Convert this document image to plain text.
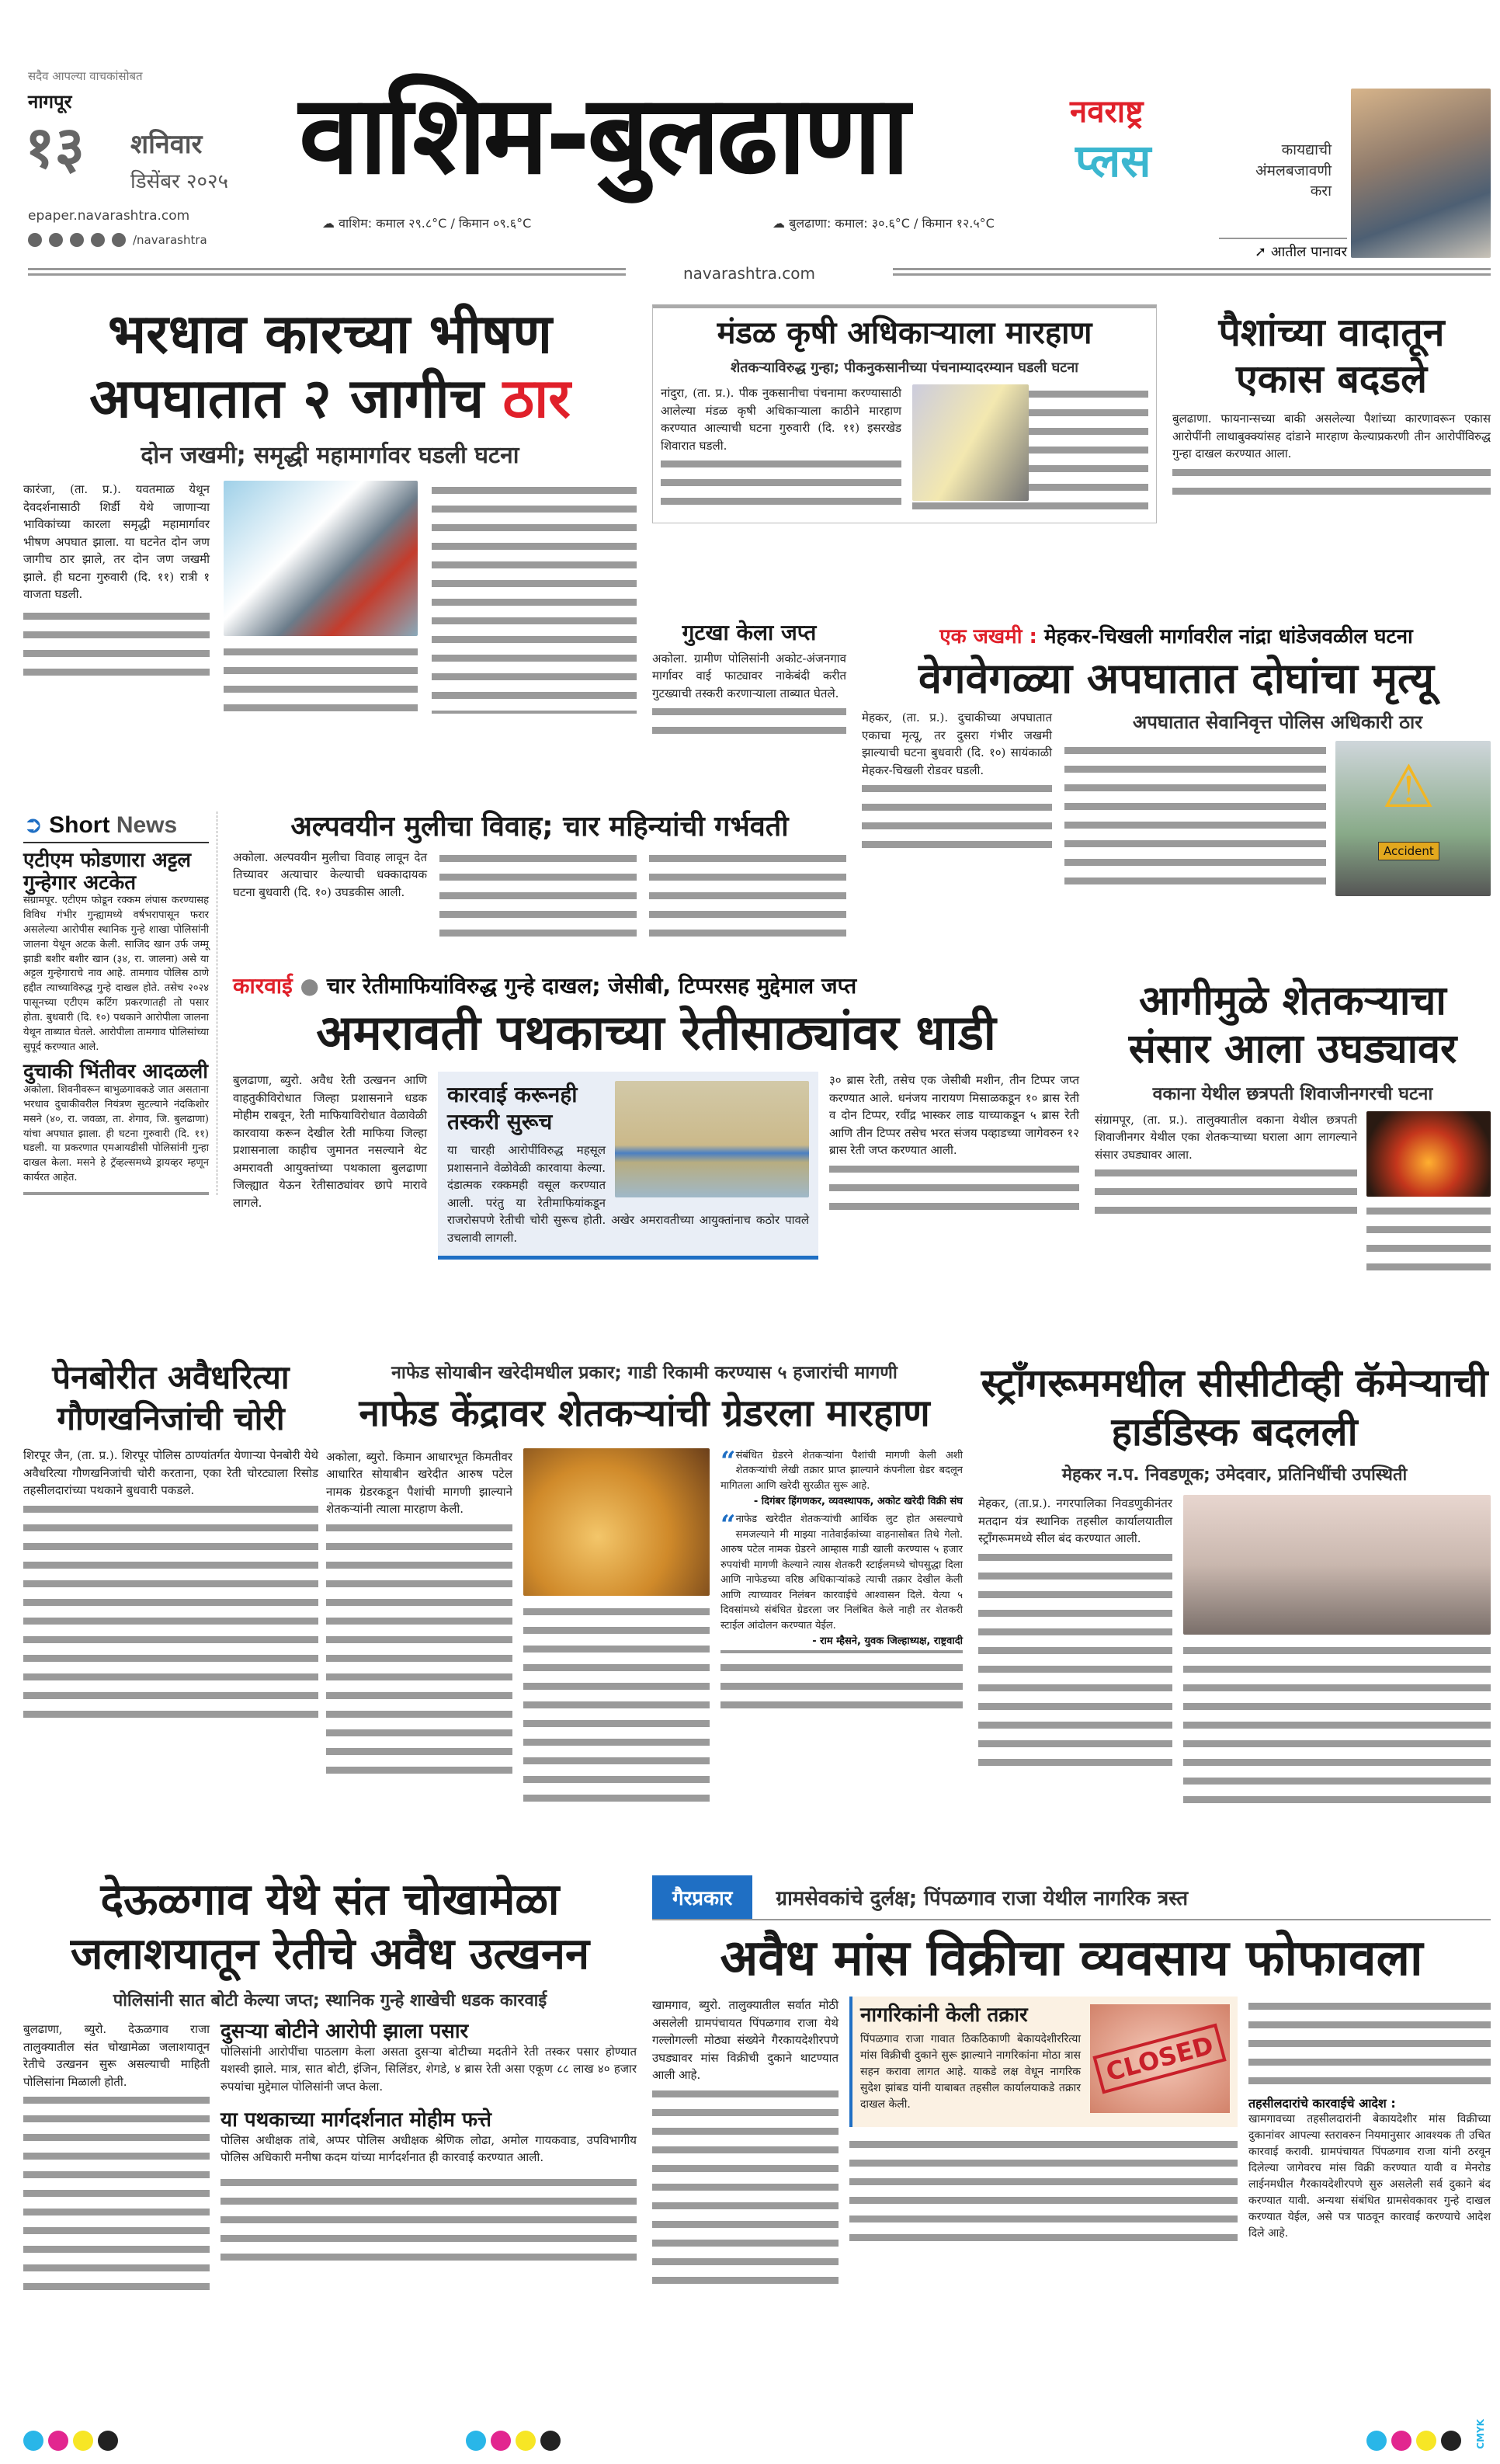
सदैव आपल्या वाचकांसोबत
नागपूर
१३ शनिवार
डिसेंबर २०२५
epaper.navarashtra.com
/navarashtra
वाशिम-बुलढाणा
☁ वाशिम: कमाल २९.८°C / किमान ०९.६°C	☁ बुलढाणा: कमाल: ३०.६°C / किमान १२.५°C
नवराष्ट्र
प्लस	कायद्याची अंमलबजावणी करा
➚ आतील पानावर
navarashtra.com
भरधाव कारच्या भीषण
अपघातात २ जागीच ठार
दोन जखमी; समृद्धी महामार्गावर घडली घटना
कारंजा, (ता. प्र.). यवतमाळ येथून देवदर्शनासाठी शिर्डी येथे जाणाऱ्या भाविकांच्या कारला समृद्धी महामार्गावर भीषण अपघात झाला. या घटनेत दोन जण जागीच ठार झाले, तर दोन जण जखमी झाले. ही घटना गुरुवारी (दि. ११) रात्री १ वाजता घडली.
मंडळ कृषी अधिकाऱ्याला मारहाण
शेतकऱ्याविरुद्ध गुन्हा; पीकनुकसानीच्या पंचनाम्यादरम्यान घडली घटना
नांदुरा, (ता. प्र.). पीक नुकसानीचा पंचनामा करण्यासाठी आलेल्या मंडळ कृषी अधिकाऱ्याला काठीने मारहाण करण्यात आल्याची घटना गुरुवारी (दि. ११) इसरखेड शिवारात घडली.
पैशांच्या वादातून एकास बदडले
बुलढाणा. फायनान्सच्या बाकी असलेल्या पैशांच्या कारणावरून एकास आरोपींनी लाथाबुक्क्यांसह दांडाने मारहाण केल्याप्रकरणी तीन आरोपींविरुद्ध गुन्हा दाखल करण्यात आला.
गुटखा केला जप्त
अकोला. ग्रामीण पोलिसांनी अकोट-अंजनगाव मार्गावर वाई फाट्यावर नाकेबंदी करीत गुटख्याची तस्करी करणाऱ्याला ताब्यात घेतले.
एक जखमी : मेहकर-चिखली मार्गावरील नांद्रा धांडेजवळील घटना
वेगवेगळ्या अपघातात दोघांचा मृत्यू
मेहकर, (ता. प्र.). दुचाकीच्या अपघातात एकाचा मृत्यू, तर दुसरा गंभीर जखमी झाल्याची घटना बुधवारी (दि. १०) सायंकाळी मेहकर-चिखली रोडवर घडली.
अपघातात सेवानिवृत्त पोलिस अधिकारी ठार
⚠
Accident
➲ Short News
एटीएम फोडणारा अट्टल गुन्हेगार अटकेत
संग्रामपूर. एटीएम फोडून रक्कम लंपास करण्यासह विविध गंभीर गुन्ह्यामध्ये वर्षभरापासून फरार असलेल्या आरोपीस स्थानिक गुन्हे शाखा पोलिसांनी जालना येथून अटक केली. साजिद खान उर्फ जम्मू झाडी बशीर बशीर खान (३४, रा. जालना) असे या अट्टल गुन्हेगाराचे नाव आहे. तामगाव पोलिस ठाणे हद्दीत त्याच्याविरुद्ध गुन्हे दाखल होते. तसेच २०२४ पासूनच्या एटीएम कटिंग प्रकरणातही तो पसार होता. बुधवारी (दि. १०) पथकाने आरोपीला जालना येथून ताब्यात घेतले. आरोपीला तामगाव पोलिसांच्या सुपूर्द करण्यात आले.
दुचाकी भिंतीवर आदळली
अकोला. शिवनीवरून बाभुळगावकडे जात असताना भरधाव दुचाकीवरील नियंत्रण सुटल्याने नंदकिशोर मसने (४०, रा. जवळा, ता. शेगाव, जि. बुलढाणा) यांचा अपघात झाला. ही घटना गुरुवारी (दि. ११) घडली. या प्रकरणात एमआयडीसी पोलिसांनी गुन्हा दाखल केला. मसने हे ट्रॅव्हल्समध्ये ड्रायव्हर म्हणून कार्यरत आहेत.
अल्पवयीन मुलीचा विवाह; चार महिन्यांची गर्भवती
अकोला. अल्पवयीन मुलीचा विवाह लावून देत तिच्यावर अत्याचार केल्याची धक्कादायक घटना बुधवारी (दि. १०) उघडकीस आली.
कारवाई ● चार रेतीमाफियांविरुद्ध गुन्हे दाखल; जेसीबी, टिप्परसह मुद्देमाल जप्त
अमरावती पथकाच्या रेतीसाठ्यांवर धाडी
बुलढाणा, ब्युरो. अवैध रेती उत्खनन आणि वाहतुकीविरोधात जिल्हा प्रशासनाने धडक मोहीम राबवून, रेती माफियाविरोधात वेळावेळी कारवाया करून देखील रेती माफिया जिल्हा प्रशासनाला काहीच जुमानत नसल्याने थेट अमरावती आयुक्तांच्या पथकाला बुलढाणा जिल्ह्यात येऊन रेतीसाठ्यांवर छापे मारावे लागले.
कारवाई करूनही तस्करी सुरूच
या चारही आरोपींविरुद्ध महसूल प्रशासनाने वेळोवेळी कारवाया केल्या. दंडात्मक रक्कमही वसूल करण्यात आली. परंतु या रेतीमाफियांकडून राजरोसपणे रेतीची चोरी सुरूच होती. अखेर अमरावतीच्या आयुक्तांनाच कठोर पावले उचलावी लागली.
३० ब्रास रेती, तसेच एक जेसीबी मशीन, तीन टिप्पर जप्त करण्यात आले. धनंजय नारायण मिसाळकडून १० ब्रास रेती व दोन टिप्पर, रवींद्र भास्कर लाड याच्याकडून ५ ब्रास रेती आणि तीन टिप्पर तसेच भरत संजय पव्हाडच्या जागेवरुन १२ ब्रास रेती जप्त करण्यात आली.
आगीमुळे शेतकऱ्याचा संसार आला उघड्यावर
वकाना येथील छत्रपती शिवाजीनगरची घटना
संग्रामपूर, (ता. प्र.). तालुक्यातील वकाना येथील छत्रपती शिवाजीनगर येथील एका शेतकऱ्याच्या घराला आग लागल्याने संसार उघड्यावर आला.
पेनबोरीत अवैधरित्या गौणखनिजांची चोरी
शिरपूर जैन, (ता. प्र.). शिरपूर पोलिस ठाण्यांतर्गत येणाऱ्या पेनबोरी येथे अवैधरित्या गौणखनिजांची चोरी करताना, एका रेती चोरट्याला रिसोड तहसीलदारांच्या पथकाने बुधवारी पकडले.
नाफेड सोयाबीन खरेदीमधील प्रकार; गाडी रिकामी करण्यास ५ हजारांची मागणी
नाफेड केंद्रावर शेतकऱ्यांची ग्रेडरला मारहाण
अकोला, ब्युरो. किमान आधारभूत किमतीवर आधारित सोयाबीन खरेदीत आरुष पटेल नामक ग्रेडरकडून पैशांची मागणी झाल्याने शेतकऱ्यांनी त्याला मारहाण केली.
“ संबंधित ग्रेडरने शेतकऱ्यांना पैशांची मागणी केली अशी शेतकऱ्यांची लेखी तक्रार प्राप्त झाल्याने कंपनीला ग्रेडर बदलून मागितला आणि खरेदी सुरळीत सुरू आहे.
- दिगंबर हिंगणकर, व्यवस्थापक, अकोट खरेदी विक्री संघ
“ नाफेड खरेदीत शेतकऱ्यांची आर्थिक लुट होत असल्याचे समजल्याने मी माझ्या नातेवाईकांच्या वाहनासोबत तिथे गेलो. आरुष पटेल नामक ग्रेडरने आम्हास गाडी खाली करण्यास ५ हजार रुपयांची मागणी केल्याने त्यास शेतकरी स्टाईलमध्ये चोपसुद्धा दिला आणि नाफेडच्या वरिष्ठ अधिकाऱ्यांकडे त्याची तक्रार देखील केली आणि त्याच्यावर निलंबन कारवाईचे आश्वासन दिले. येत्या ५ दिवसांमध्ये संबंधित ग्रेडरला जर निलंबित केले नाही तर शेतकरी स्टाईल आंदोलन करण्यात येईल.
- राम म्हैसने, युवक जिल्हाध्यक्ष, राष्ट्रवादी
स्ट्राँगरूममधील सीसीटीव्ही कॅमेऱ्याची हार्डडिस्क बदलली
मेहकर न.प. निवडणूक; उमेदवार, प्रतिनिधींची उपस्थिती
मेहकर, (ता.प्र.). नगरपालिका निवडणुकीनंतर मतदान यंत्र स्थानिक तहसील कार्यालयातील स्ट्राँगरूममध्ये सील बंद करण्यात आली.
देऊळगाव येथे संत चोखामेळा जलाशयातून रेतीचे अवैध उत्खनन
पोलिसांनी सात बोटी केल्या जप्त; स्थानिक गुन्हे शाखेची धडक कारवाई
बुलढाणा, ब्युरो. देऊळगाव राजा तालुक्यातील संत चोखामेळा जलाशयातून रेतीचे उत्खनन सुरू असल्याची माहिती पोलिसांना मिळाली होती.
दुसऱ्या बोटीने आरोपी झाला पसार
पोलिसांनी आरोपींचा पाठलाग केला असता दुसऱ्या बोटीच्या मदतीने रेती तस्कर पसार होण्यात यशस्वी झाले. मात्र, सात बोटी, इंजिन, सिलिंडर, शेगडे, ४ ब्रास रेती असा एकूण ८८ लाख ४० हजार रुपयांचा मुद्देमाल पोलिसांनी जप्त केला.
या पथकाच्या मार्गदर्शनात मोहीम फत्ते
पोलिस अधीक्षक तांबे, अप्पर पोलिस अधीक्षक श्रेणिक लोढा, अमोल गायकवाड, उपविभागीय पोलिस अधिकारी मनीषा कदम यांच्या मार्गदर्शनात ही कारवाई करण्यात आली.
गैरप्रकार	ग्रामसेवकांचे दुर्लक्ष; पिंपळगाव राजा येथील नागरिक त्रस्त
अवैध मांस विक्रीचा व्यवसाय फोफावला
खामगाव, ब्युरो. तालुक्यातील सर्वात मोठी असलेली ग्रामपंचायत पिंपळगाव राजा येथे गल्लोगल्ली मोठ्या संख्येने गैरकायदेशीरपणे उघड्यावर मांस विक्रीची दुकाने थाटण्यात आली आहे.	CLOSED
नागरिकांनी केली तक्रार
पिंपळगाव राजा गावात ठिकठिकाणी बेकायदेशीररित्या मांस विक्रीची दुकाने सुरू झाल्याने नागरिकांना मोठा त्रास सहन करावा लागत आहे. याकडे लक्ष वेधून नागरिक सुदेश झांबड यांनी याबाबत तहसील कार्यालयाकडे तक्रार दाखल केली.	तहसीलदारांचे कारवाईचे आदेश :
खामगावच्या तहसीलदारांनी बेकायदेशीर मांस विक्रीच्या दुकानांवर आपल्या स्तरावरुन नियमानुसार आवश्यक ती उचित कारवाई करावी. ग्रामपंचायत पिंपळगाव राजा यांनी ठरवून दिलेल्या जागेवरच मांस विक्री करण्यात यावी व मेनरोड लाईनमधील गैरकायदेशीरपणे सुरु असलेली सर्व दुकाने बंद करण्यात यावी. अन्यथा संबंधित ग्रामसेवकावर गुन्हे दाखल करण्यात येईल, असे पत्र पाठवून कारवाई करण्याचे आदेश दिले आहे.
CMYK
